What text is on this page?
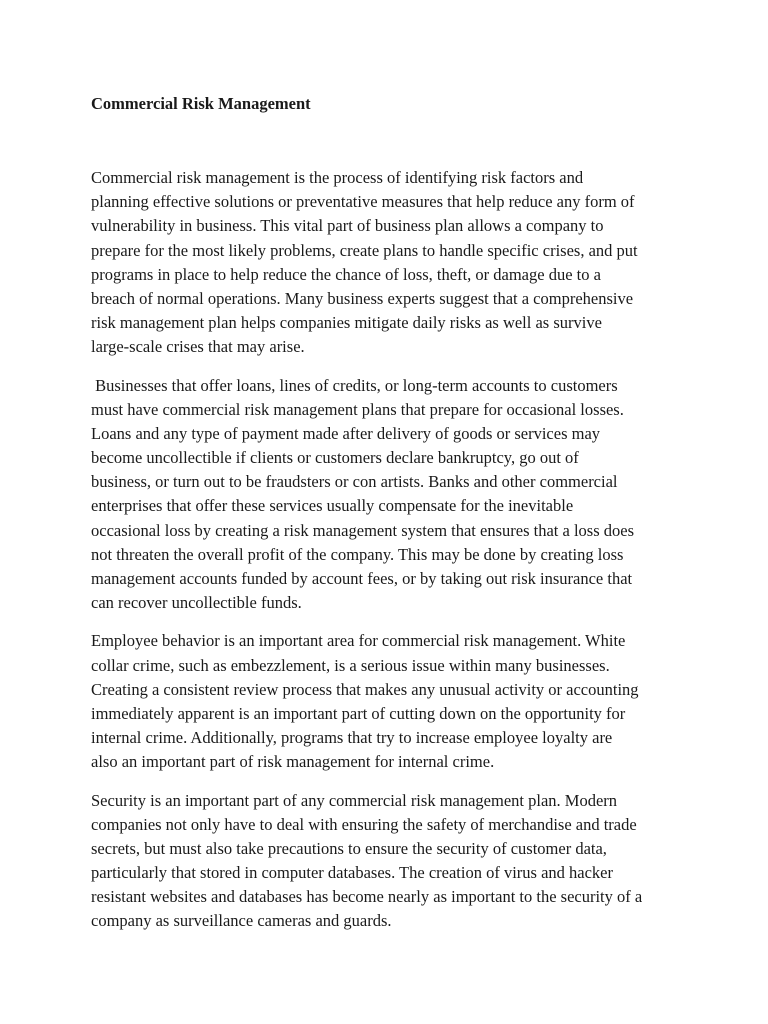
Commercial Risk Management

Commercial risk management is the process of identifying risk factors and
planning effective solutions or preventative measures that help reduce any form of
vulnerability in business. This vital part of business plan allows a company to
prepare for the most likely problems, create plans to handle specific crises, and put
programs in place to help reduce the chance of loss, theft, or damage due to a
breach of normal operations. Many business experts suggest that a comprehensive
risk management plan helps companies mitigate daily risks as well as survive
large-scale crises that may arise.

Businesses that offer loans, lines of credits, or long-term accounts to customers
must have commercial risk management plans that prepare for occasional losses.
Loans and any type of payment made after delivery of goods or services may
become uncollectible if clients or customers declare bankruptcy, go out of
business, or turn out to be fraudsters or con artists. Banks and other commercial
enterprises that offer these services usually compensate for the inevitable
occasional loss by creating a risk management system that ensures that a loss does
not threaten the overall profit of the company. This may be done by creating loss
management accounts funded by account fees, or by taking out risk insurance that
can recover uncollectible funds.

Employee behavior is an important area for commercial risk management. White
collar crime, such as embezzlement, is a serious issue within many businesses.
Creating a consistent review process that makes any unusual activity or accounting
immediately apparent is an important part of cutting down on the opportunity for
internal crime. Additionally, programs that try to increase employee loyalty are
also an important part of risk management for internal crime.

Security is an important part of any commercial risk management plan. Modern
companies not only have to deal with ensuring the safety of merchandise and trade
secrets, but must also take precautions to ensure the security of customer data,
particularly that stored in computer databases. The creation of virus and hacker
resistant websites and databases has become nearly as important to the security of a
company as surveillance cameras and guards.
